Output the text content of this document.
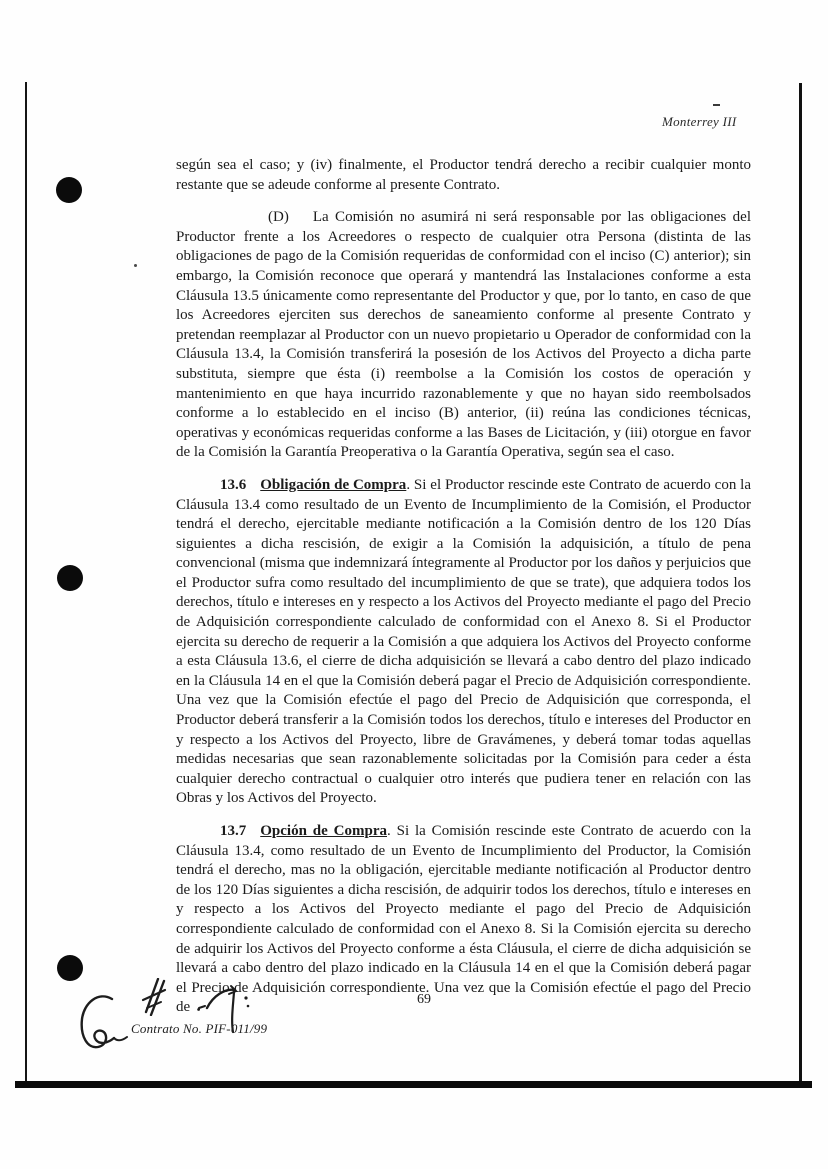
Monterrey III

según sea el caso; y (iv) finalmente, el Productor tendrá derecho a recibir cualquier monto restante que se adeude conforme al presente Contrato.

(D) La Comisión no asumirá ni será responsable por las obligaciones del Productor frente a los Acreedores o respecto de cualquier otra Persona (distinta de las obligaciones de pago de la Comisión requeridas de conformidad con el inciso (C) anterior); sin embargo, la Comisión reconoce que operará y mantendrá las Instalaciones conforme a esta Cláusula 13.5 únicamente como representante del Productor y que, por lo tanto, en caso de que los Acreedores ejerciten sus derechos de saneamiento conforme al presente Contrato y pretendan reemplazar al Productor con un nuevo propietario u Operador de conformidad con la Cláusula 13.4, la Comisión transferirá la posesión de los Activos del Proyecto a dicha parte substituta, siempre que ésta (i) reembolse a la Comisión los costos de operación y mantenimiento en que haya incurrido razonablemente y que no hayan sido reembolsados conforme a lo establecido en el inciso (B) anterior, (ii) reúna las condiciones técnicas, operativas y económicas requeridas conforme a las Bases de Licitación, y (iii) otorgue en favor de la Comisión la Garantía Preoperativa o la Garantía Operativa, según sea el caso.

13.6 Obligación de Compra. Si el Productor rescinde este Contrato de acuerdo con la Cláusula 13.4 como resultado de un Evento de Incumplimiento de la Comisión, el Productor tendrá el derecho, ejercitable mediante notificación a la Comisión dentro de los 120 Días siguientes a dicha rescisión, de exigir a la Comisión la adquisición, a título de pena convencional (misma que indemnizará íntegramente al Productor por los daños y perjuicios que el Productor sufra como resultado del incumplimiento de que se trate), que adquiera todos los derechos, título e intereses en y respecto a los Activos del Proyecto mediante el pago del Precio de Adquisición correspondiente calculado de conformidad con el Anexo 8. Si el Productor ejercita su derecho de requerir a la Comisión a que adquiera los Activos del Proyecto conforme a esta Cláusula 13.6, el cierre de dicha adquisición se llevará a cabo dentro del plazo indicado en la Cláusula 14 en el que la Comisión deberá pagar el Precio de Adquisición correspondiente. Una vez que la Comisión efectúe el pago del Precio de Adquisición que corresponda, el Productor deberá transferir a la Comisión todos los derechos, título e intereses del Productor en y respecto a los Activos del Proyecto, libre de Gravámenes, y deberá tomar todas aquellas medidas necesarias que sean razonablemente solicitadas por la Comisión para ceder a ésta cualquier derecho contractual o cualquier otro interés que pudiera tener en relación con las Obras y los Activos del Proyecto.

13.7 Opción de Compra. Si la Comisión rescinde este Contrato de acuerdo con la Cláusula 13.4, como resultado de un Evento de Incumplimiento del Productor, la Comisión tendrá el derecho, mas no la obligación, ejercitable mediante notificación al Productor dentro de los 120 Días siguientes a dicha rescisión, de adquirir todos los derechos, título e intereses en y respecto a los Activos del Proyecto mediante el pago del Precio de Adquisición correspondiente calculado de conformidad con el Anexo 8. Si la Comisión ejercita su derecho de adquirir los Activos del Proyecto conforme a ésta Cláusula, el cierre de dicha adquisición se llevará a cabo dentro del plazo indicado en la Cláusula 14 en el que la Comisión deberá pagar el Precio de Adquisición correspondiente. Una vez que la Comisión efectúe el pago del Precio de	69
Contrato No. PIF-011/99
